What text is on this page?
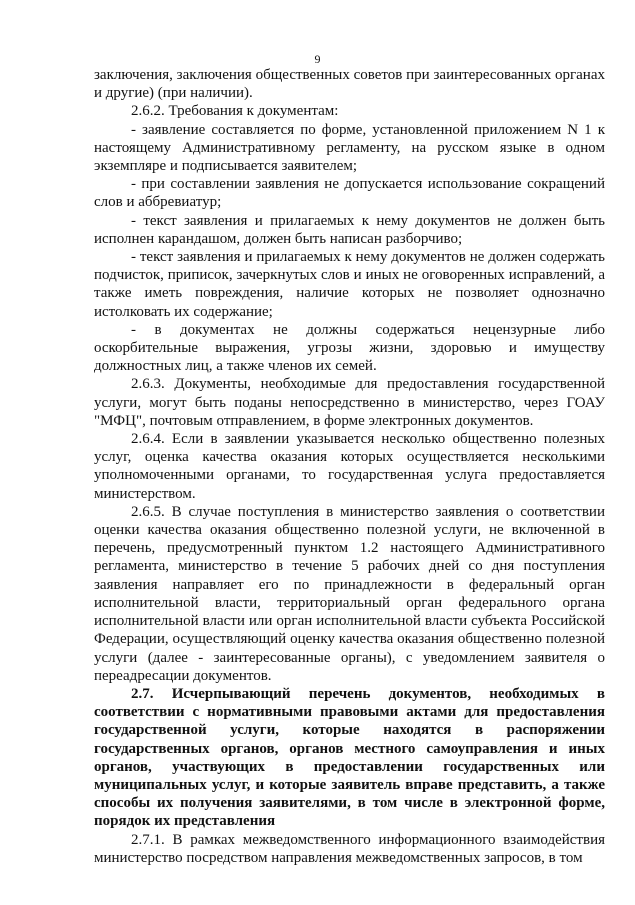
9

заключения, заключения общественных советов при заинтересованных органах и другие) (при наличии).

2.6.2. Требования к документам:

- заявление составляется по форме, установленной приложением N 1 к настоящему Административному регламенту, на русском языке в одном экземпляре и подписывается заявителем;

- при составлении заявления не допускается использование сокращений слов и аббревиатур;

- текст заявления и прилагаемых к нему документов не должен быть исполнен карандашом, должен быть написан разборчиво;

- текст заявления и прилагаемых к нему документов не должен содержать подчисток, приписок, зачеркнутых слов и иных не оговоренных исправлений, а также иметь повреждения, наличие которых не позволяет однозначно истолковать их содержание;

- в документах не должны содержаться нецензурные либо оскорбительные выражения, угрозы жизни, здоровью и имуществу должностных лиц, а также членов их семей.

2.6.3. Документы, необходимые для предоставления государственной услуги, могут быть поданы непосредственно в министерство, через ГОАУ "МФЦ", почтовым отправлением, в форме электронных документов.

2.6.4. Если в заявлении указывается несколько общественно полезных услуг, оценка качества оказания которых осуществляется несколькими уполномоченными органами, то государственная услуга предоставляется министерством.

2.6.5. В случае поступления в министерство заявления о соответствии оценки качества оказания общественно полезной услуги, не включенной в перечень, предусмотренный пунктом 1.2 настоящего Административного регламента, министерство в течение 5 рабочих дней со дня поступления заявления направляет его по принадлежности в федеральный орган исполнительной власти, территориальный орган федерального органа исполнительной власти или орган исполнительной власти субъекта Российской Федерации, осуществляющий оценку качества оказания общественно полезной услуги (далее - заинтересованные органы), с уведомлением заявителя о переадресации документов.

2.7. Исчерпывающий перечень документов, необходимых в соответствии с нормативными правовыми актами для предоставления государственной услуги, которые находятся в распоряжении государственных органов, органов местного самоуправления и иных органов, участвующих в предоставлении государственных или муниципальных услуг, и которые заявитель вправе представить, а также способы их получения заявителями, в том числе в электронной форме, порядок их представления

2.7.1. В рамках межведомственного информационного взаимодействия министерство посредством направления межведомственных запросов, в том
